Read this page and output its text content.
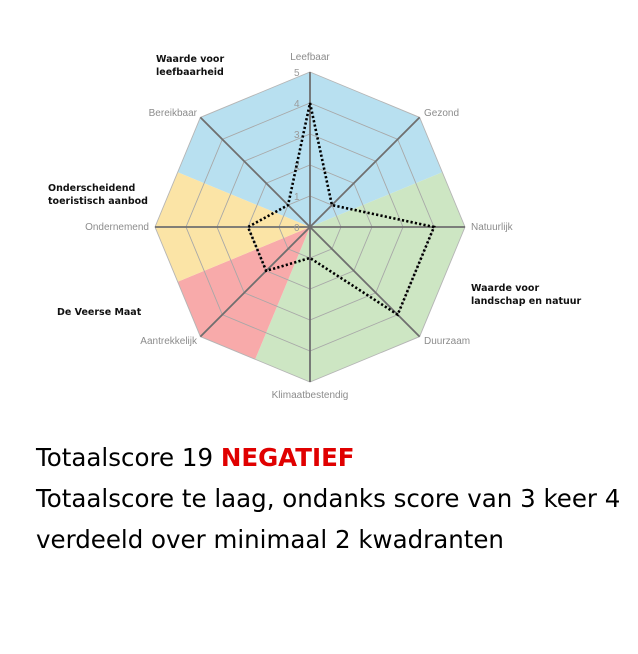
0
1
2
3
4
5
Leefbaar
Gezond
Natuurlijk
Duurzaam
Klimaatbestendig
Aantrekkelijk
Ondernemend
Bereikbaar
Waarde voor
leefbaarheid
Onderscheidend
toeristisch aanbod
De Veerse Maat
Waarde voor
landschap en natuur
Totaalscore 19 NEGATIEF
Totaalscore te laag, ondanks score van 3 keer 4 verdeeld over minimaal 2 kwadranten
